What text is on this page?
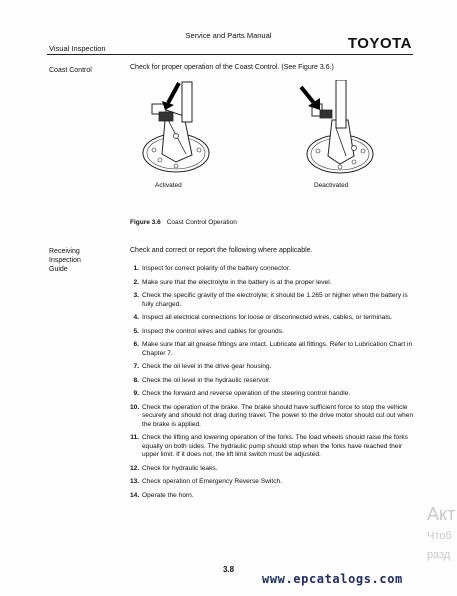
Service and Parts Manual
Visual Inspection	TOYOTA
Coast Control	Check for proper operation of the Coast Control. (See Figure 3.6.)
Activated	Deactivated
Figure 3.6 Coast Control Operation
Receiving
Inspection
Guide
Check and correct or report the following where applicable.
1. Inspect for correct polarity of the battery connector.
2. Make sure that the electrolyte in the battery is at the proper level.
3. Check the specific gravity of the electrolyte; it should be 1.265 or higher when the battery is fully charged.
4. Inspect all electrical connections for loose or disconnected wires, cables, or terminals.
5. Inspect the control wires and cables for grounds.
6. Make sure that all grease fittings are intact. Lubricate all fittings. Refer to Lubrication Chart in Chapter 7.
7. Check the oil level in the drive gear housing.
8. Check the oil level in the hydraulic reservoir.
9. Check the forward and reverse operation of the steering control handle.
10. Check the operation of the brake. The brake should have sufficient force to stop the vehicle securely and should not drag during travel. The power to the drive motor should cut out when the brake is applied.
11. Check the lifting and lowering operation of the forks. The load wheels should raise the forks equally on both sides. The hydraulic pump should stop when the forks have reached their upper limit. If it does not, the lift limit switch must be adjusted.
12. Check for hydraulic leaks.
13. Check operation of Emergency Reverse Switch.
14. Operate the horn.
3.8
www.epcatalogs.com
Акт
Чтоб
разд
